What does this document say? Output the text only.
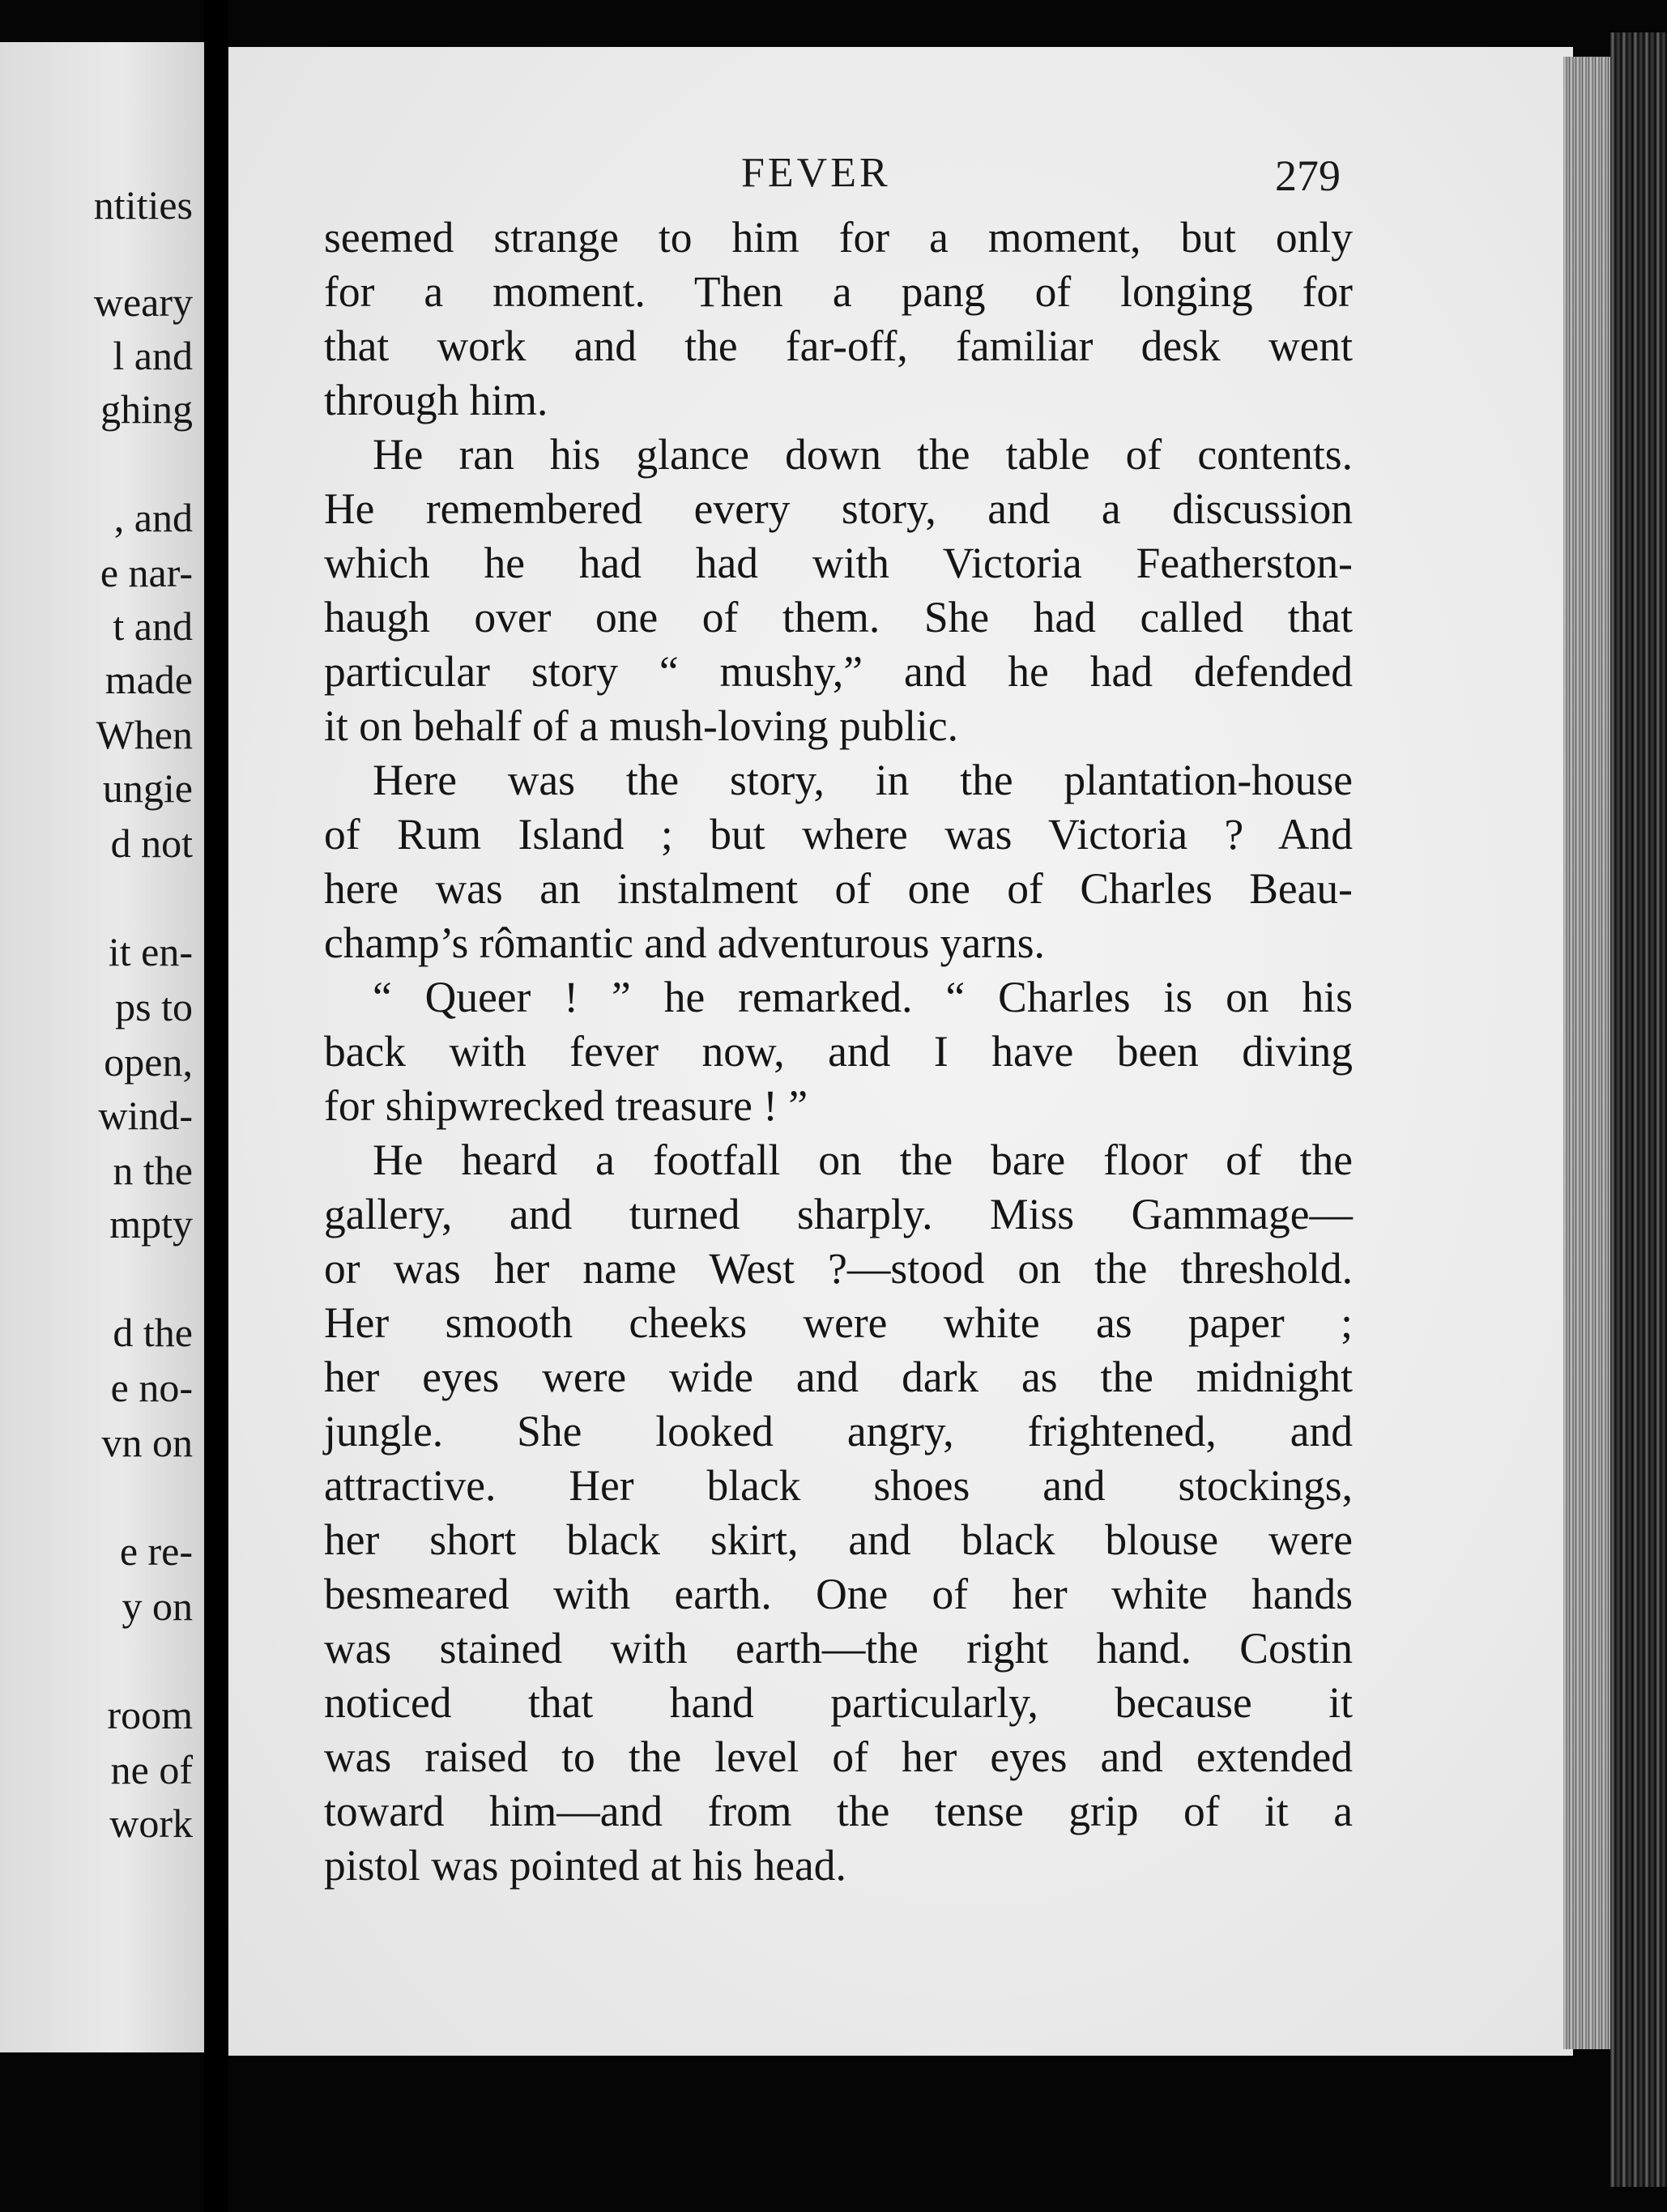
ntities
weary
l and
ghing
, and
e nar-
t and
made
When
ungie
d not
it en-
ps to
open,
wind-
n the
mpty
d the
e no-
vn on
e re-
y on
room
ne of
work
FEVER	279

seemed strange to him for a moment, but only
for a moment. Then a pang of longing for
that work and the far-off, familiar desk went
through him.

He ran his glance down the table of contents.
He remembered every story, and a discussion
which he had had with Victoria Featherston-
haugh over one of them. She had called that
particular story “ mushy,” and he had defended
it on behalf of a mush-loving public.

Here was the story, in the plantation-house
of Rum Island ; but where was Victoria ? And
here was an instalment of one of Charles Beau-
champ’s rômantic and adventurous yarns.

“ Queer ! ” he remarked. “ Charles is on his
back with fever now, and I have been diving
for shipwrecked treasure ! ”

He heard a footfall on the bare floor of the
gallery, and turned sharply. Miss Gammage—
or was her name West ?—stood on the threshold.
Her smooth cheeks were white as paper ;
her eyes were wide and dark as the midnight
jungle. She looked angry, frightened, and
attractive. Her black shoes and stockings,
her short black skirt, and black blouse were
besmeared with earth. One of her white hands
was stained with earth—the right hand. Costin
noticed that hand particularly, because it
was raised to the level of her eyes and extended
toward him—and from the tense grip of it a
pistol was pointed at his head.
